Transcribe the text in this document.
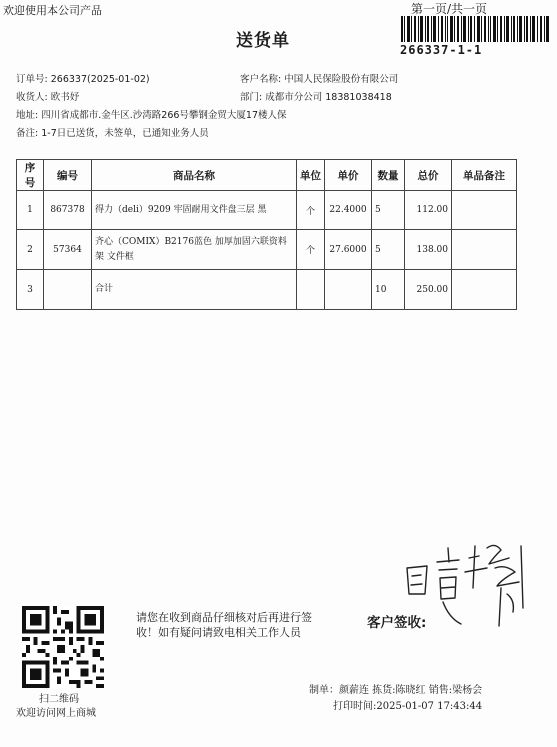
欢迎使用本公司产品	第一页/共一页
送货单	266337-1-1
订单号: 266337(2025-01-02)	客户名称: 中国人民保险股份有限公司
收货人: 欧书妤	部门: 成都市分公司 18381038418
地址: 四川省成都市.金牛区.沙湾路266号攀钢金贸大厦17楼人保
备注: 1-7日已送货，未签单，已通知业务人员
序号	编号	商品名称	单位	单价	数量	总价	单品备注
1	867378	得力（deli）9209 牢固耐用文件盘三层 黑	个	22.4000	5	112.00	
2	57364	齐心（COMIX）B2176蓝色 加厚加固六联资料架 文件框	个	27.6000	5	138.00	
3		合计			10	250.00	
扫二维码
欢迎访问网上商城
请您在收到商品仔细核对后再进行签
收！如有疑问请致电相关工作人员
客户签收:
制单：颜薪连 拣货:陈晓红 销售:梁杨会
打印时间:2025-01-07 17:43:44
